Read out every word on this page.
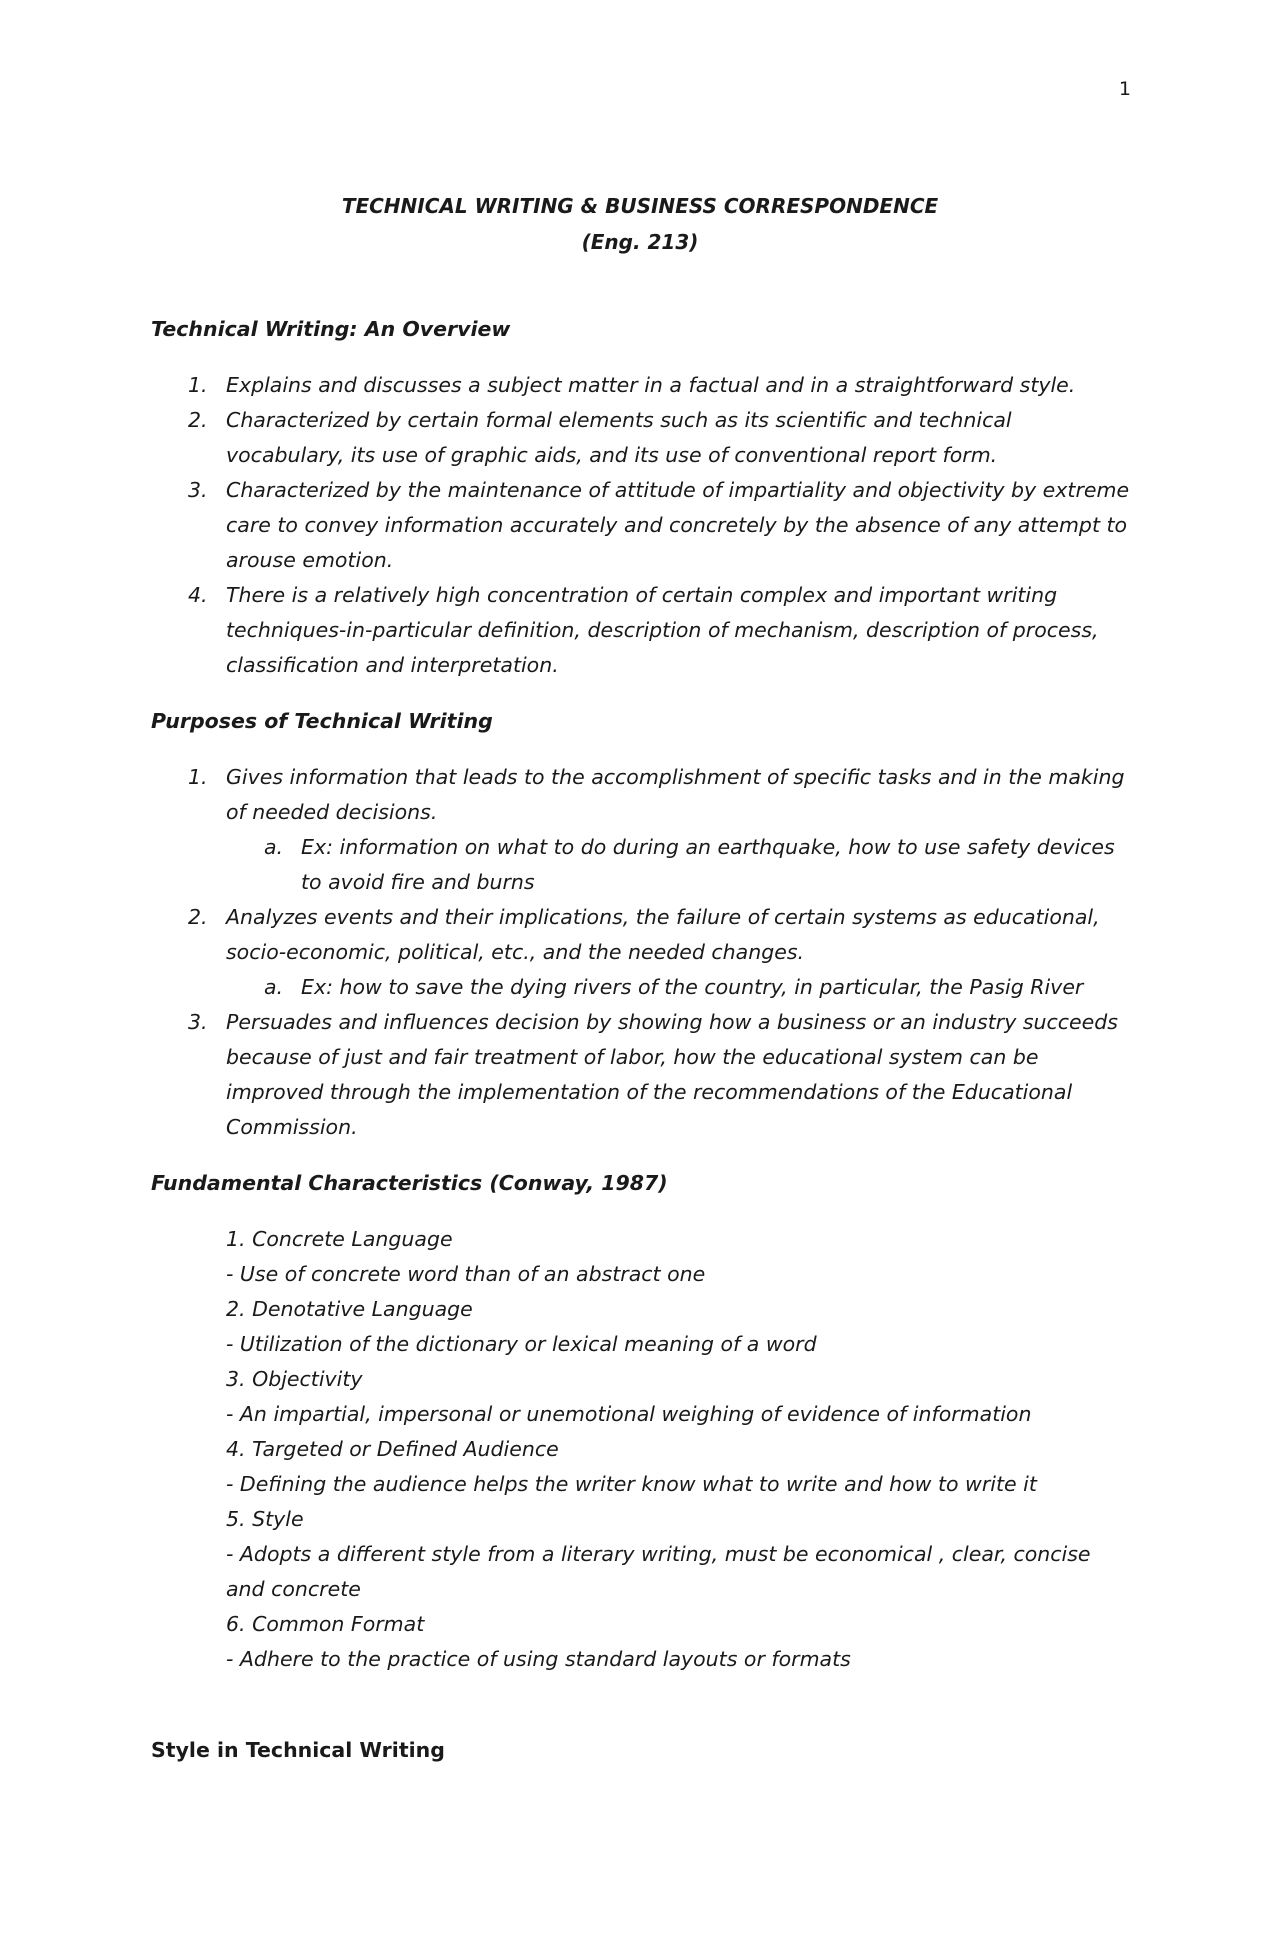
1
TECHNICAL WRITING & BUSINESS CORRESPONDENCE
(Eng. 213)

Technical Writing: An Overview

1. Explains and discusses a subject matter in a factual and in a straightforward style.
2. Characterized by certain formal elements such as its scientific and technical vocabulary, its use of graphic aids, and its use of conventional report form.
3. Characterized by the maintenance of attitude of impartiality and objectivity by extreme care to convey information accurately and concretely by the absence of any attempt to arouse emotion.
4. There is a relatively high concentration of certain complex and important writing techniques-in-particular definition, description of mechanism, description of process, classification and interpretation.

Purposes of Technical Writing

1. Gives information that leads to the accomplishment of specific tasks and in the making of needed decisions.
a. Ex: information on what to do during an earthquake, how to use safety devices to avoid fire and burns
2. Analyzes events and their implications, the failure of certain systems as educational, socio-economic, political, etc., and the needed changes.
a. Ex: how to save the dying rivers of the country, in particular, the Pasig River
3. Persuades and influences decision by showing how a business or an industry succeeds because of just and fair treatment of labor, how the educational system can be improved through the implementation of the recommendations of the Educational Commission.

Fundamental Characteristics (Conway, 1987)

1. Concrete Language
- Use of concrete word than of an abstract one
2. Denotative Language
- Utilization of the dictionary or lexical meaning of a word
3. Objectivity
- An impartial, impersonal or unemotional weighing of evidence of information
4. Targeted or Defined Audience
- Defining the audience helps the writer know what to write and how to write it
5. Style
- Adopts a different style from a literary writing, must be economical , clear, concise and concrete
6. Common Format
- Adhere to the practice of using standard layouts or formats

Style in Technical Writing
